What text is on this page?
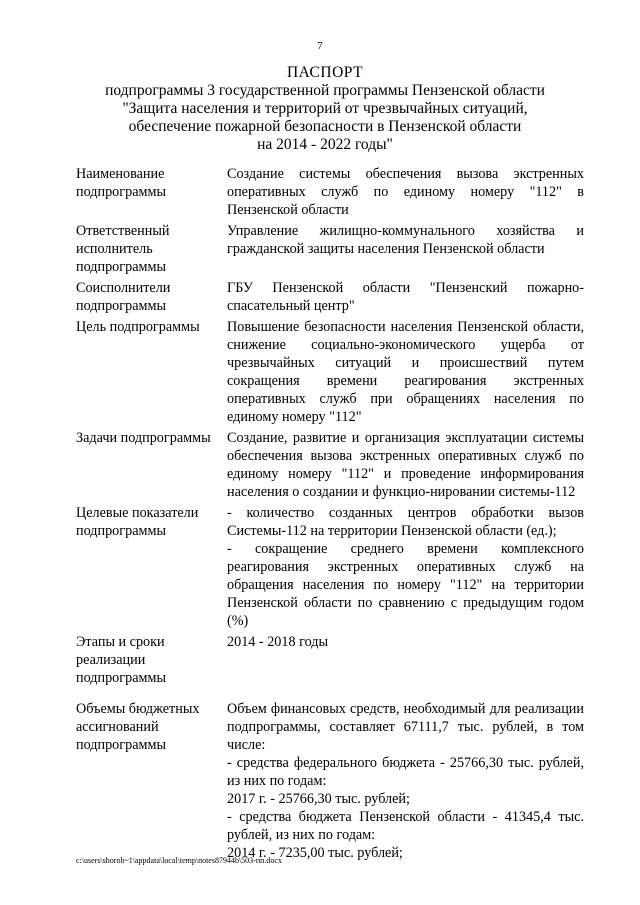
7
ПАСПОРТ
подпрограммы 3 государственной программы Пензенской области
"Защита населения и территорий от чрезвычайных ситуаций,
обеспечение пожарной безопасности в Пензенской области
на 2014 - 2022 годы"
Наименование подпрограммы	Создание системы обеспечения вызова экстренных оперативных служб по единому номеру "112" в Пензенской области
Ответственный исполнитель подпрограммы	Управление жилищно-коммунального хозяйства и гражданской защиты населения Пензенской области
Соисполнители подпрограммы	ГБУ Пензенской области "Пензенский пожарно-спасательный центр"
Цель подпрограммы	Повышение безопасности населения Пензенской области, снижение социально-экономического ущерба от чрезвычайных ситуаций и происшествий путем сокращения времени реагирования экстренных оперативных служб при обращениях населения по единому номеру "112"
Задачи подпрограммы	Создание, развитие и организация эксплуатации системы обеспечения вызова экстренных оперативных служб по единому номеру "112" и проведение информирования населения о создании и функцио-нировании системы-112
Целевые показатели подпрограммы	- количество созданных центров обработки вызов Системы-112 на территории Пензенской области (ед.);

- сокращение среднего времени комплексного реагирования экстренных оперативных служб на обращения населения по номеру "112" на территории Пензенской области по сравнению с предыдущим годом (%)

Этапы и сроки реализации подпрограммы	2014 - 2018 годы
Объемы бюджетных ассигнований подпрограммы	Объем финансовых средств, необходимый для реализации подпрограммы, составляет 67111,7 тыс. рублей, в том числе:

- средства федерального бюджета - 25766,30 тыс. рублей, из них по годам:

2017 г. - 25766,30 тыс. рублей;

- средства бюджета Пензенской области - 41345,4 тыс. рублей, из них по годам:

2014 г. - 7235,00 тыс. рублей;

c:\users\shorob~1\appdata\local\temp\notes87944b\503-пп.docx
